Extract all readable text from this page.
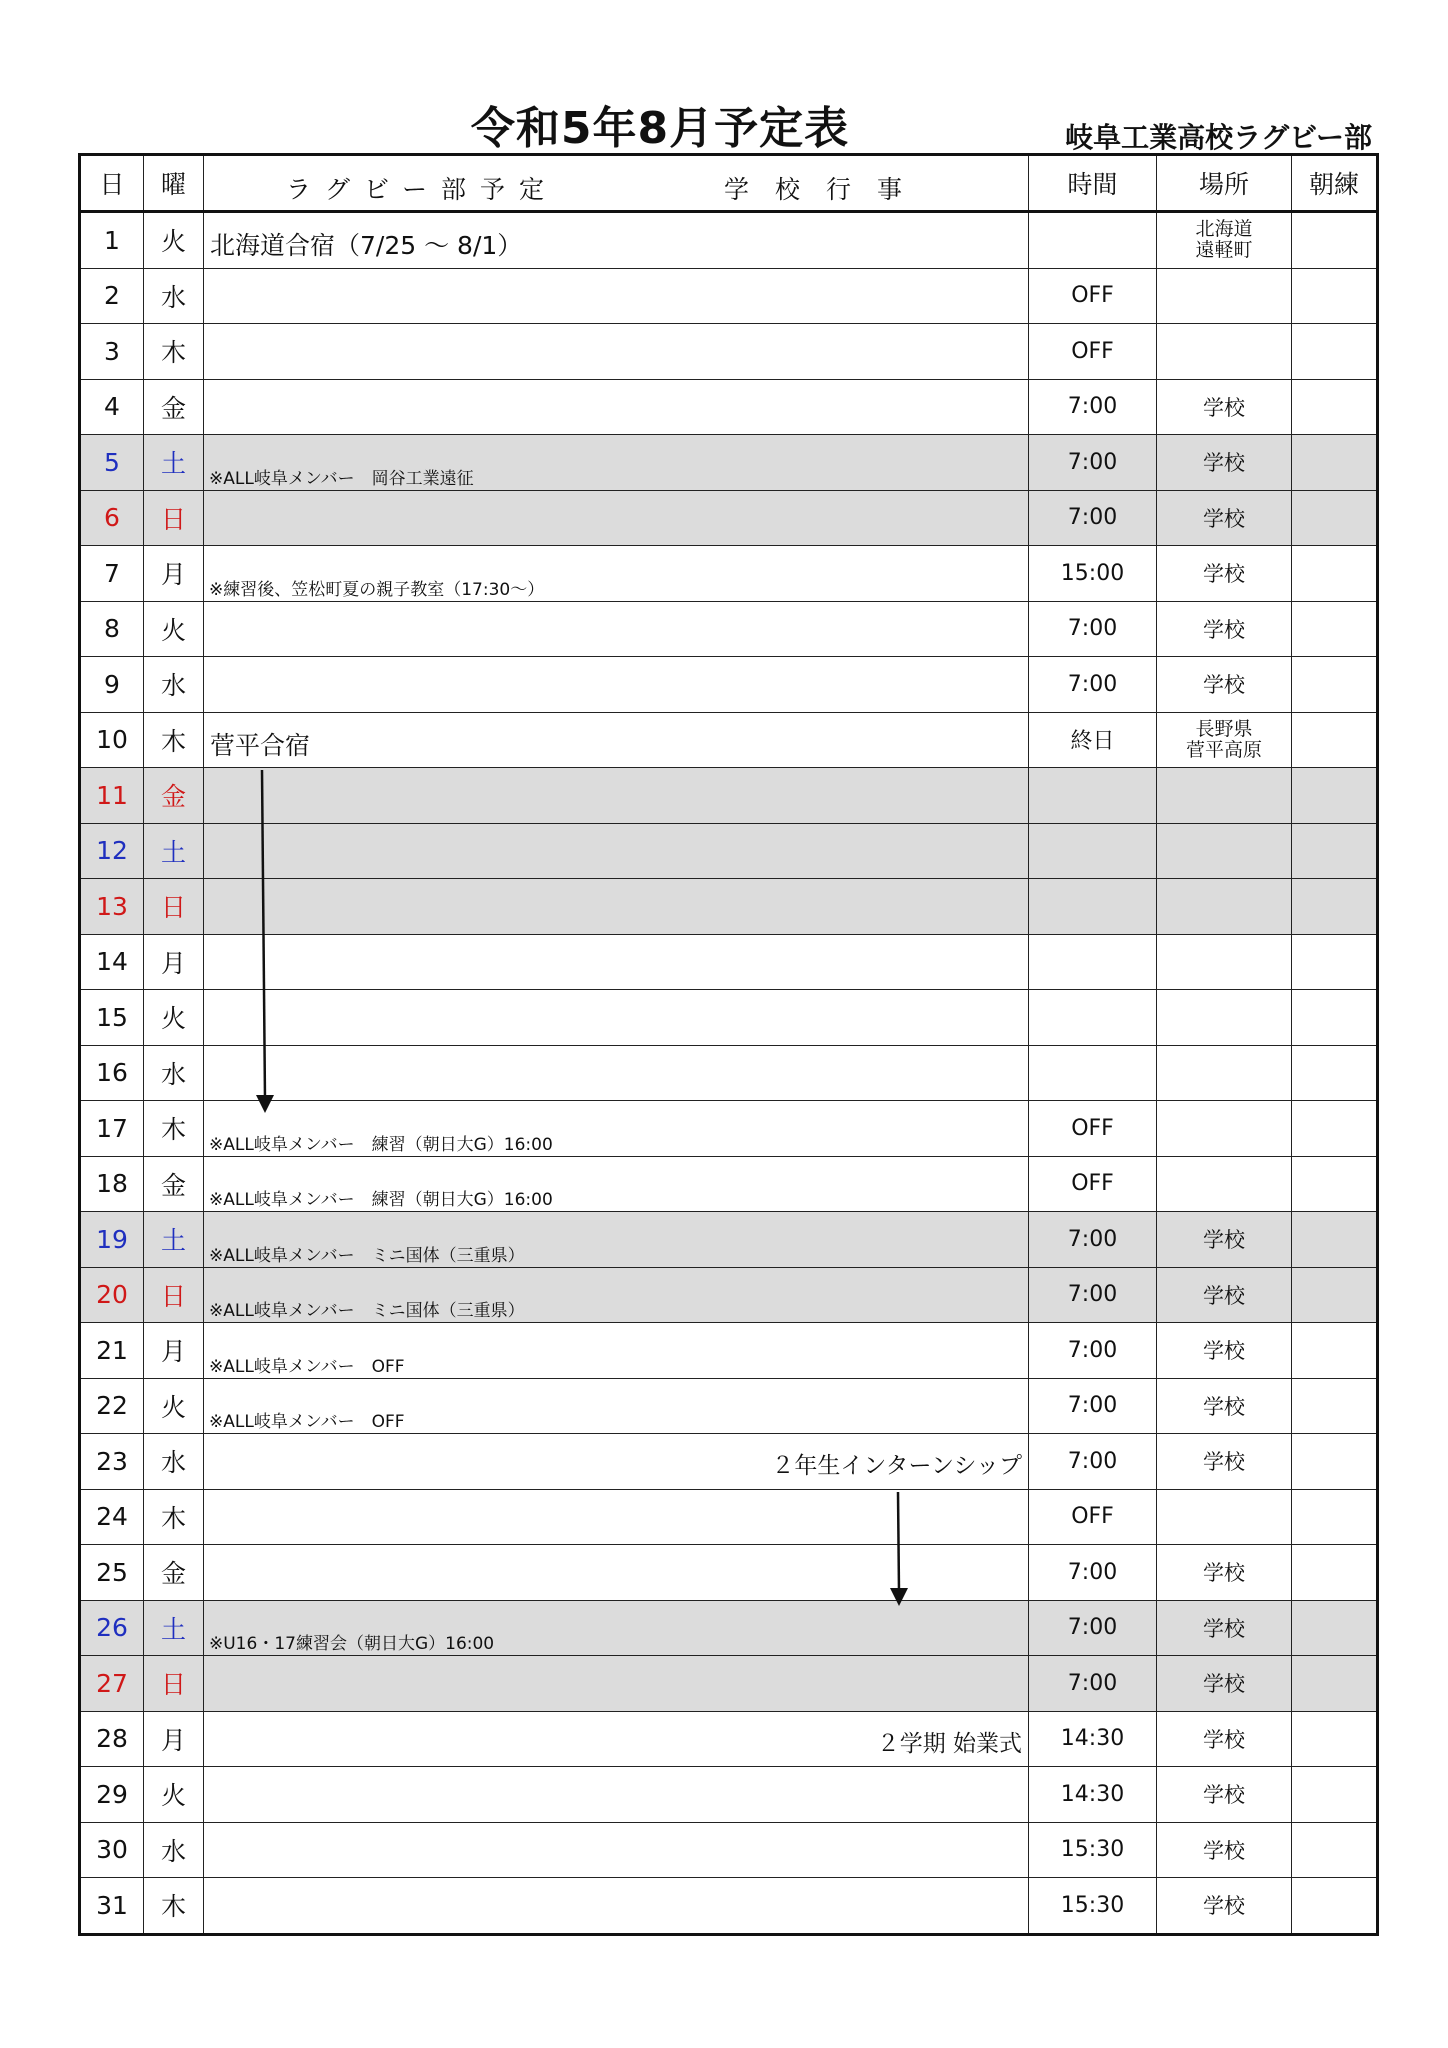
令和5年8月予定表	岐阜工業高校ラグビー部
日	曜	ラグビー部予定 学校行事	時間	場所	朝練
1	火	北海道合宿（7/25 ～ 8/1）		北海道
遠軽町	
2	水		OFF		
3	木		OFF		
4	金		7:00	学校	
5	土	※ALL岐阜メンバー　岡谷工業遠征	7:00	学校	
6	日		7:00	学校	
7	月	※練習後、笠松町夏の親子教室（17:30～）	15:00	学校	
8	火		7:00	学校	
9	水		7:00	学校	
10	木	菅平合宿	終日	長野県
菅平高原	
11	金	

12	土	

13	日	

14	月	

15	火	

16	水	

17	木	※ALL岐阜メンバー　練習（朝日大G）16:00	OFF		
18	金	※ALL岐阜メンバー　練習（朝日大G）16:00	OFF		
19	土	※ALL岐阜メンバー　ミニ国体（三重県）	7:00	学校	
20	日	※ALL岐阜メンバー　ミニ国体（三重県）	7:00	学校	
21	月	※ALL岐阜メンバー　OFF	7:00	学校	
22	火	※ALL岐阜メンバー　OFF	7:00	学校	
23	水	２年生インターンシップ	7:00	学校	
24	木		OFF		
25	金		7:00	学校	
26	土	※U16・17練習会（朝日大G）16:00	7:00	学校	
27	日		7:00	学校	
28	月	２学期 始業式	14:30	学校	
29	火		14:30	学校	
30	水		15:30	学校	
31	木		15:30	学校	
